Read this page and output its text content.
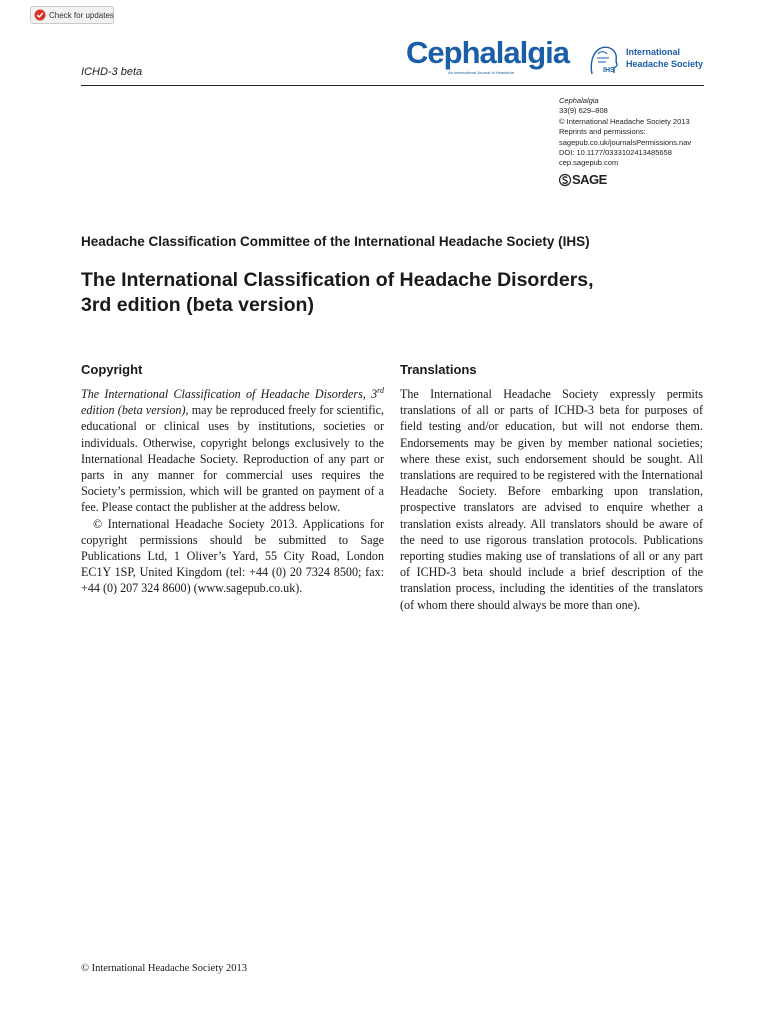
Check for updates
ICHD-3 beta
Cephalalgia
An International Journal of Headache	IHS
International
Headache Society
Cephalalgia
33(9) 629–808
© International Headache Society 2013
Reprints and permissions:
sagepub.co.uk/journalsPermissions.nav
DOI: 10.1177/0333102413485658
cep.sagepub.com
SAGE
Headache Classification Committee of the International Headache Society (IHS)
The International Classification of Headache Disorders,
3rd edition (beta version)
Copyright

The International Classification of Headache Disorders, 3rd edition (beta version), may be reproduced freely for scientific, educational or clinical uses by institutions, societies or individuals. Otherwise, copyright belongs exclusively to the International Headache Society. Reproduction of any part or parts in any manner for commercial uses requires the Society’s permission, which will be granted on payment of a fee. Please contact the publisher at the address below.

© International Headache Society 2013. Applications for copyright permissions should be submitted to Sage Publications Ltd, 1 Oliver’s Yard, 55 City Road, London EC1Y 1SP, United Kingdom (tel: +44 (0) 20 7324 8500; fax: +44 (0) 207 324 8600) (www.sagepub.co.uk).

Translations

The International Headache Society expressly permits translations of all or parts of ICHD-3 beta for purposes of field testing and/or education, but will not endorse them. Endorsements may be given by member national societies; where these exist, such endorsement should be sought. All translations are required to be registered with the International Headache Society. Before embarking upon translation, prospective translators are advised to enquire whether a translation exists already. All translators should be aware of the need to use rigorous translation protocols. Publications reporting studies making use of translations of all or any part of ICHD-3 beta should include a brief description of the translation process, including the identities of the translators (of whom there should always be more than one).

© International Headache Society 2013
